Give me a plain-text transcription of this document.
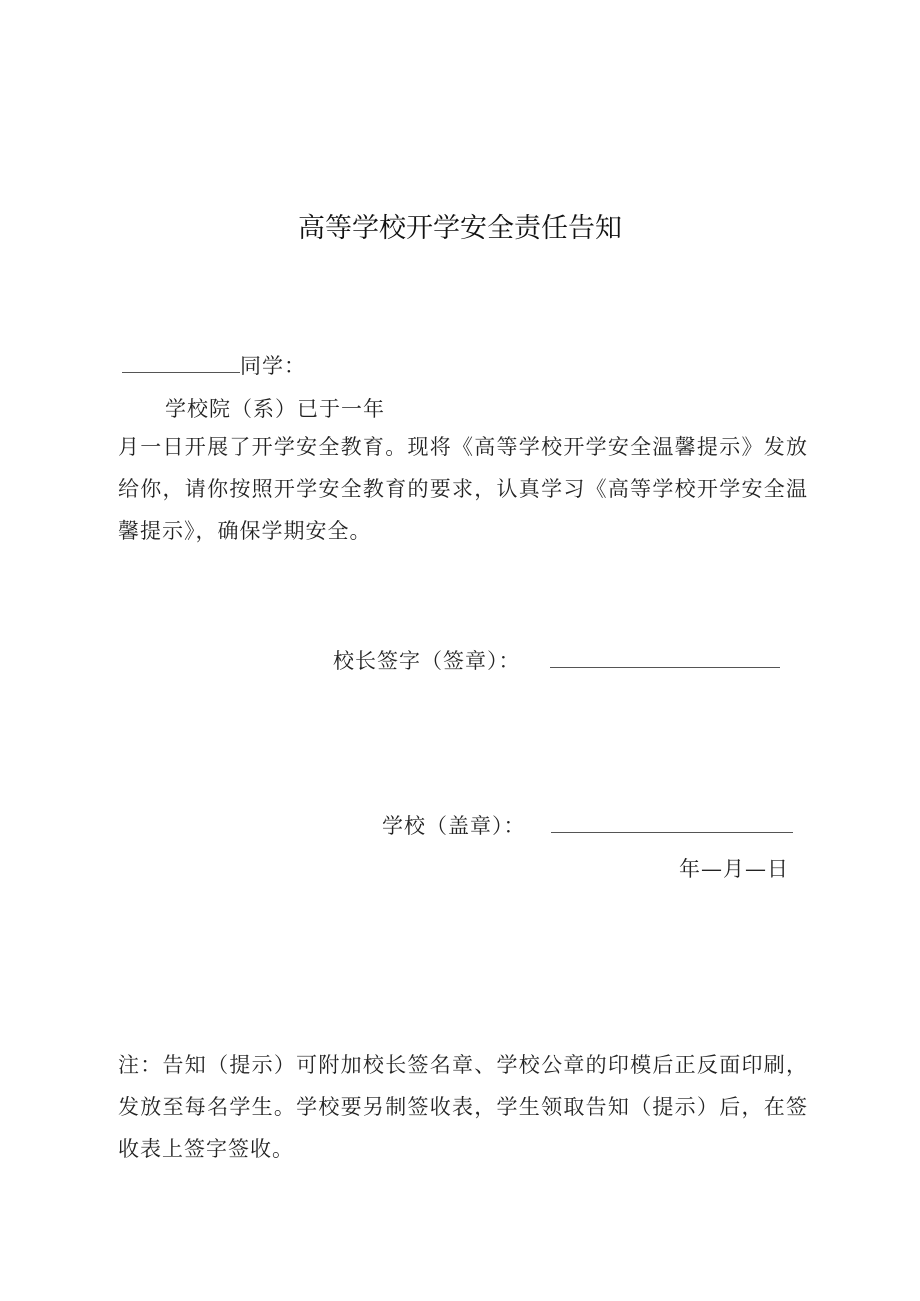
高等学校开学安全责任告知
同学：
学校院（系）已于一年
月一日开展了开学安全教育。现将《高等学校开学安全温馨提示》发放给你，请你按照开学安全教育的要求，认真学习《高等学校开学安全温馨提示》，确保学期安全。
校长签字（签章）：
学校（盖章）：
年—月—日
注：告知（提示）可附加校长签名章、学校公章的印模后正反面印刷，发放至每名学生。学校要另制签收表，学生领取告知（提示）后，在签收表上签字签收。
